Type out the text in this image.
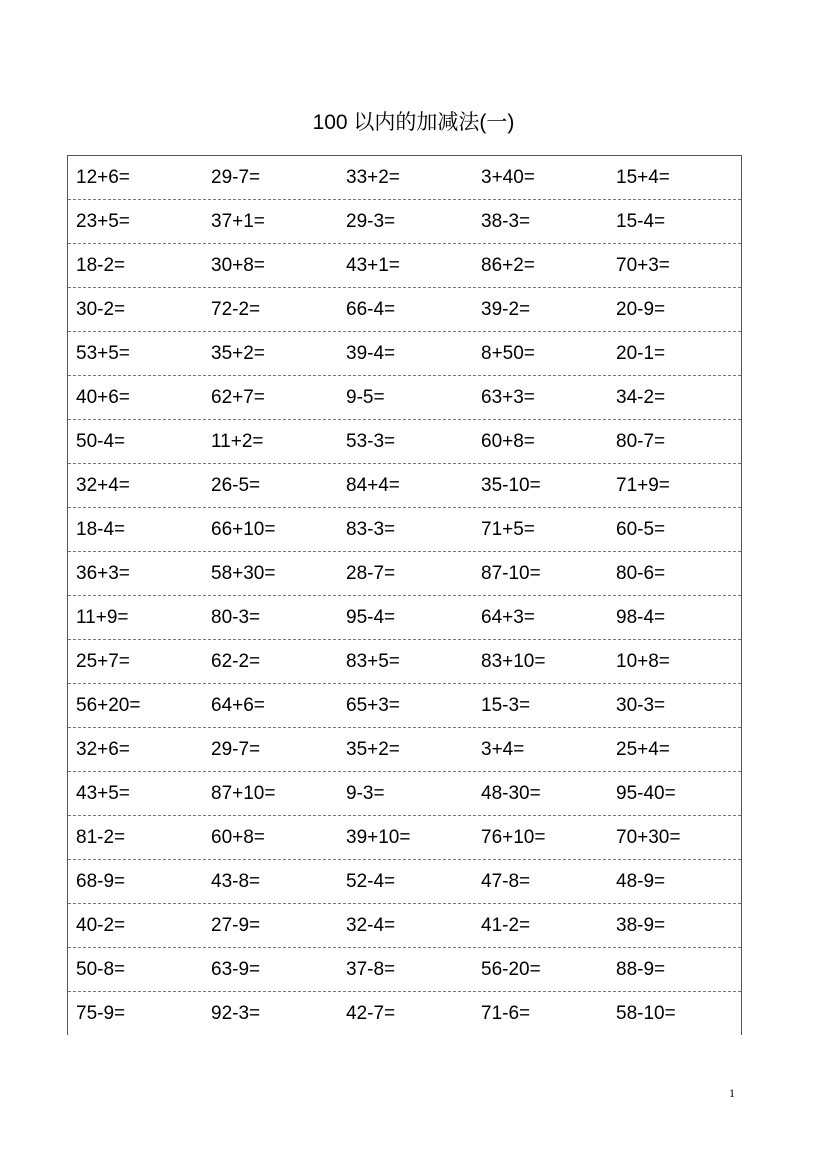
100 以内的加减法(一)
12+6=	29-7=	33+2=	3+40=	15+4=
23+5=	37+1=	29-3=	38-3=	15-4=
18-2=	30+8=	43+1=	86+2=	70+3=
30-2=	72-2=	66-4=	39-2=	20-9=
53+5=	35+2=	39-4=	8+50=	20-1=
40+6=	62+7=	9-5=	63+3=	34-2=
50-4=	11+2=	53-3=	60+8=	80-7=
32+4=	26-5=	84+4=	35-10=	71+9=
18-4=	66+10=	83-3=	71+5=	60-5=
36+3=	58+30=	28-7=	87-10=	80-6=
11+9=	80-3=	95-4=	64+3=	98-4=
25+7=	62-2=	83+5=	83+10=	10+8=
56+20=	64+6=	65+3=	15-3=	30-3=
32+6=	29-7=	35+2=	3+4=	25+4=
43+5=	87+10=	9-3=	48-30=	95-40=
81-2=	60+8=	39+10=	76+10=	70+30=
68-9=	43-8=	52-4=	47-8=	48-9=
40-2=	27-9=	32-4=	41-2=	38-9=
50-8=	63-9=	37-8=	56-20=	88-9=
75-9=	92-3=	42-7=	71-6=	58-10=
1
